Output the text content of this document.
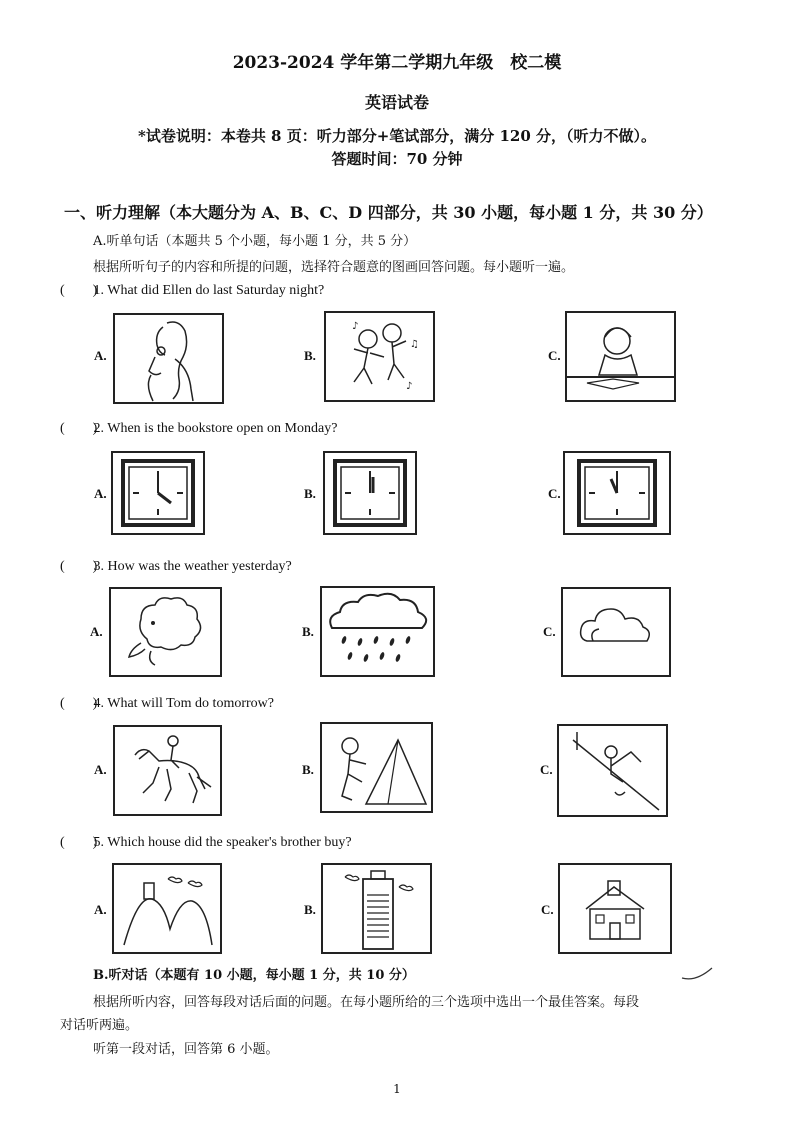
2023-2024 学年第二学期九年级　校二模
英语试卷
*试卷说明：本卷共 8 页：听力部分+笔试部分，满分 120 分，（听力不做）。
答题时间：70 分钟
一、听力理解（本大题分为 A、B、C、D 四部分，共 30 小题，每小题 1 分，共 30 分）
A.听单句话（本题共 5 个小题，每小题 1 分，共 5 分）
根据所听句子的内容和所提的问题，选择符合题意的图画回答问题。每小题听一遍。
(　　) 1. What did Ellen do last Saturday night?
A.	B.
♪
♫
♪
C.
(　　) 2. When is the bookstore open on Monday?
A.	B.	C.
(　　) 3. How was the weather yesterday?
A.	B.	C.
(　　) 4. What will Tom do tomorrow?
A.	B.	C.
(　　) 5. Which house did the speaker's brother buy?
A.	B.	C.
B.听对话（本题有 10 小题，每小题 1 分，共 10 分）
根据所听内容，回答每段对话后面的问题。在每小题所给的三个选项中选出一个最佳答案。每段
对话听两遍。
听第一段对话，回答第 6 小题。
1
